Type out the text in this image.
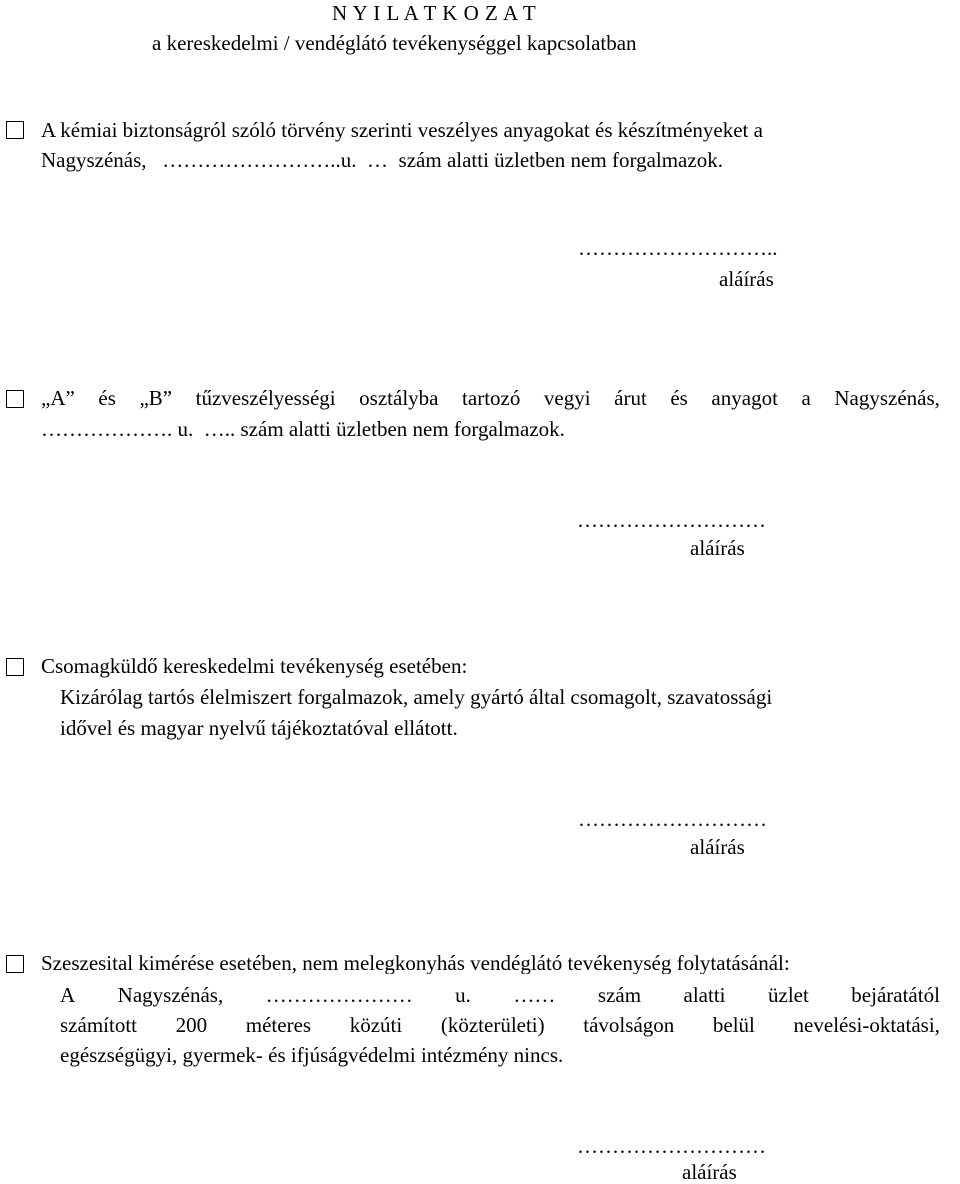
N Y I L A T K O Z A T
a kereskedelmi / vendéglátó tevékenységgel kapcsolatban
A kémiai biztonságról szóló törvény szerinti veszélyes anyagokat és készítményeket a
Nagyszénás,   ……………………..u.  …  szám alatti üzletben nem forgalmazok.
………………………..
aláírás
„A” és „B” tűzveszélyességi osztályba tartozó vegyi árut és anyagot a Nagyszénás,
………………. u.  ….. szám alatti üzletben nem forgalmazok.
………………………
aláírás
Csomagküldő kereskedelmi tevékenység esetében:
Kizárólag tartós élelmiszert forgalmazok, amely gyártó által csomagolt, szavatossági
idővel és magyar nyelvű tájékoztatóval ellátott.
………………………
aláírás
Szeszesital kimérése esetében, nem melegkonyhás vendéglátó tevékenység folytatásánál:
A Nagyszénás, ………………… u. …… szám alatti üzlet bejáratától
számított 200 méteres közúti (közterületi) távolságon belül nevelési-oktatási,
egészségügyi, gyermek- és ifjúságvédelmi intézmény nincs.
………………………
aláírás
